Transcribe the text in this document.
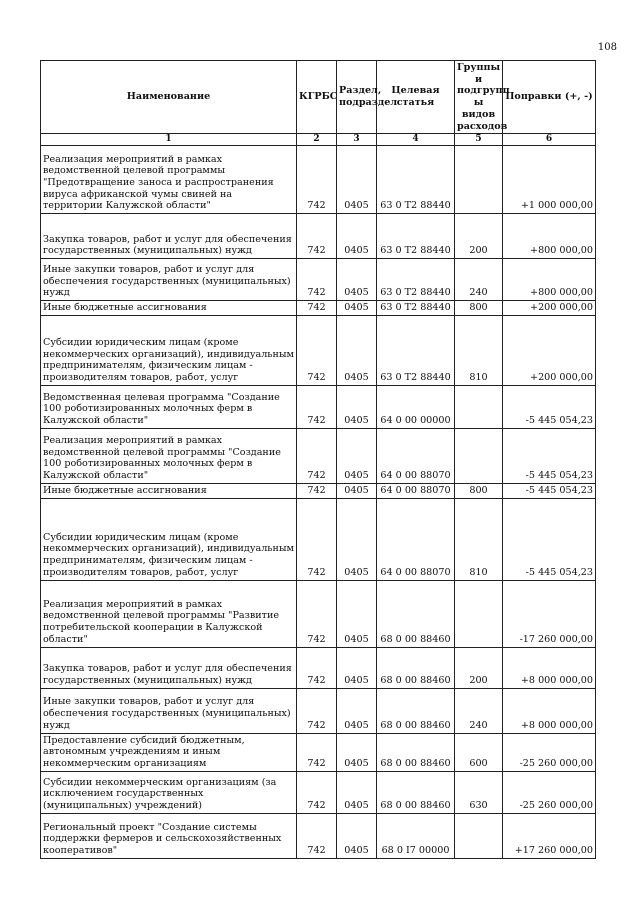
108
Наименование	КГРБС	Раздел, подраздел	Целевая статья	Группы и подгрупп ы видов расходов	Поправки (+, -)
1	2	3	4	5	6
Реализация мероприятий в рамках ведомственной целевой программы "Предотвращение заноса и распространения вируса африканской чумы свиней на территории Калужской области"	742	0405	63 0 Т2 88440		+1 000 000,00
Закупка товаров, работ и услуг для обеспечения государственных (муниципальных) нужд	742	0405	63 0 Т2 88440	200	+800 000,00
Иные закупки товаров, работ и услуг для обеспечения государственных (муниципальных) нужд	742	0405	63 0 Т2 88440	240	+800 000,00
Иные бюджетные ассигнования	742	0405	63 0 Т2 88440	800	+200 000,00
Субсидии юридическим лицам (кроме некоммерческих организаций), индивидуальным предпринимателям, физическим лицам - производителям товаров, работ, услуг	742	0405	63 0 Т2 88440	810	+200 000,00
Ведомственная целевая программа "Создание 100 роботизированных молочных ферм в Калужской области"	742	0405	64 0 00 00000		-5 445 054,23
Реализация мероприятий в рамках ведомственной целевой программы "Создание 100 роботизированных молочных ферм в Калужской области"	742	0405	64 0 00 88070		-5 445 054,23
Иные бюджетные ассигнования	742	0405	64 0 00 88070	800	-5 445 054,23
Субсидии юридическим лицам (кроме некоммерческих организаций), индивидуальным предпринимателям, физическим лицам - производителям товаров, работ, услуг	742	0405	64 0 00 88070	810	-5 445 054,23
Реализация мероприятий в рамках ведомственной целевой программы "Развитие потребительской кооперации в Калужской области"	742	0405	68 0 00 88460		-17 260 000,00
Закупка товаров, работ и услуг для обеспечения государственных (муниципальных) нужд	742	0405	68 0 00 88460	200	+8 000 000,00
Иные закупки товаров, работ и услуг для обеспечения государственных (муниципальных) нужд	742	0405	68 0 00 88460	240	+8 000 000,00
Предоставление субсидий бюджетным, автономным учреждениям и иным некоммерческим организациям	742	0405	68 0 00 88460	600	-25 260 000,00
Субсидии некоммерческим организациям (за исключением государственных (муниципальных) учреждений)	742	0405	68 0 00 88460	630	-25 260 000,00
Региональный проект "Создание системы поддержки фермеров и сельскохозяйственных кооперативов"	742	0405	68 0 I7 00000		+17 260 000,00
